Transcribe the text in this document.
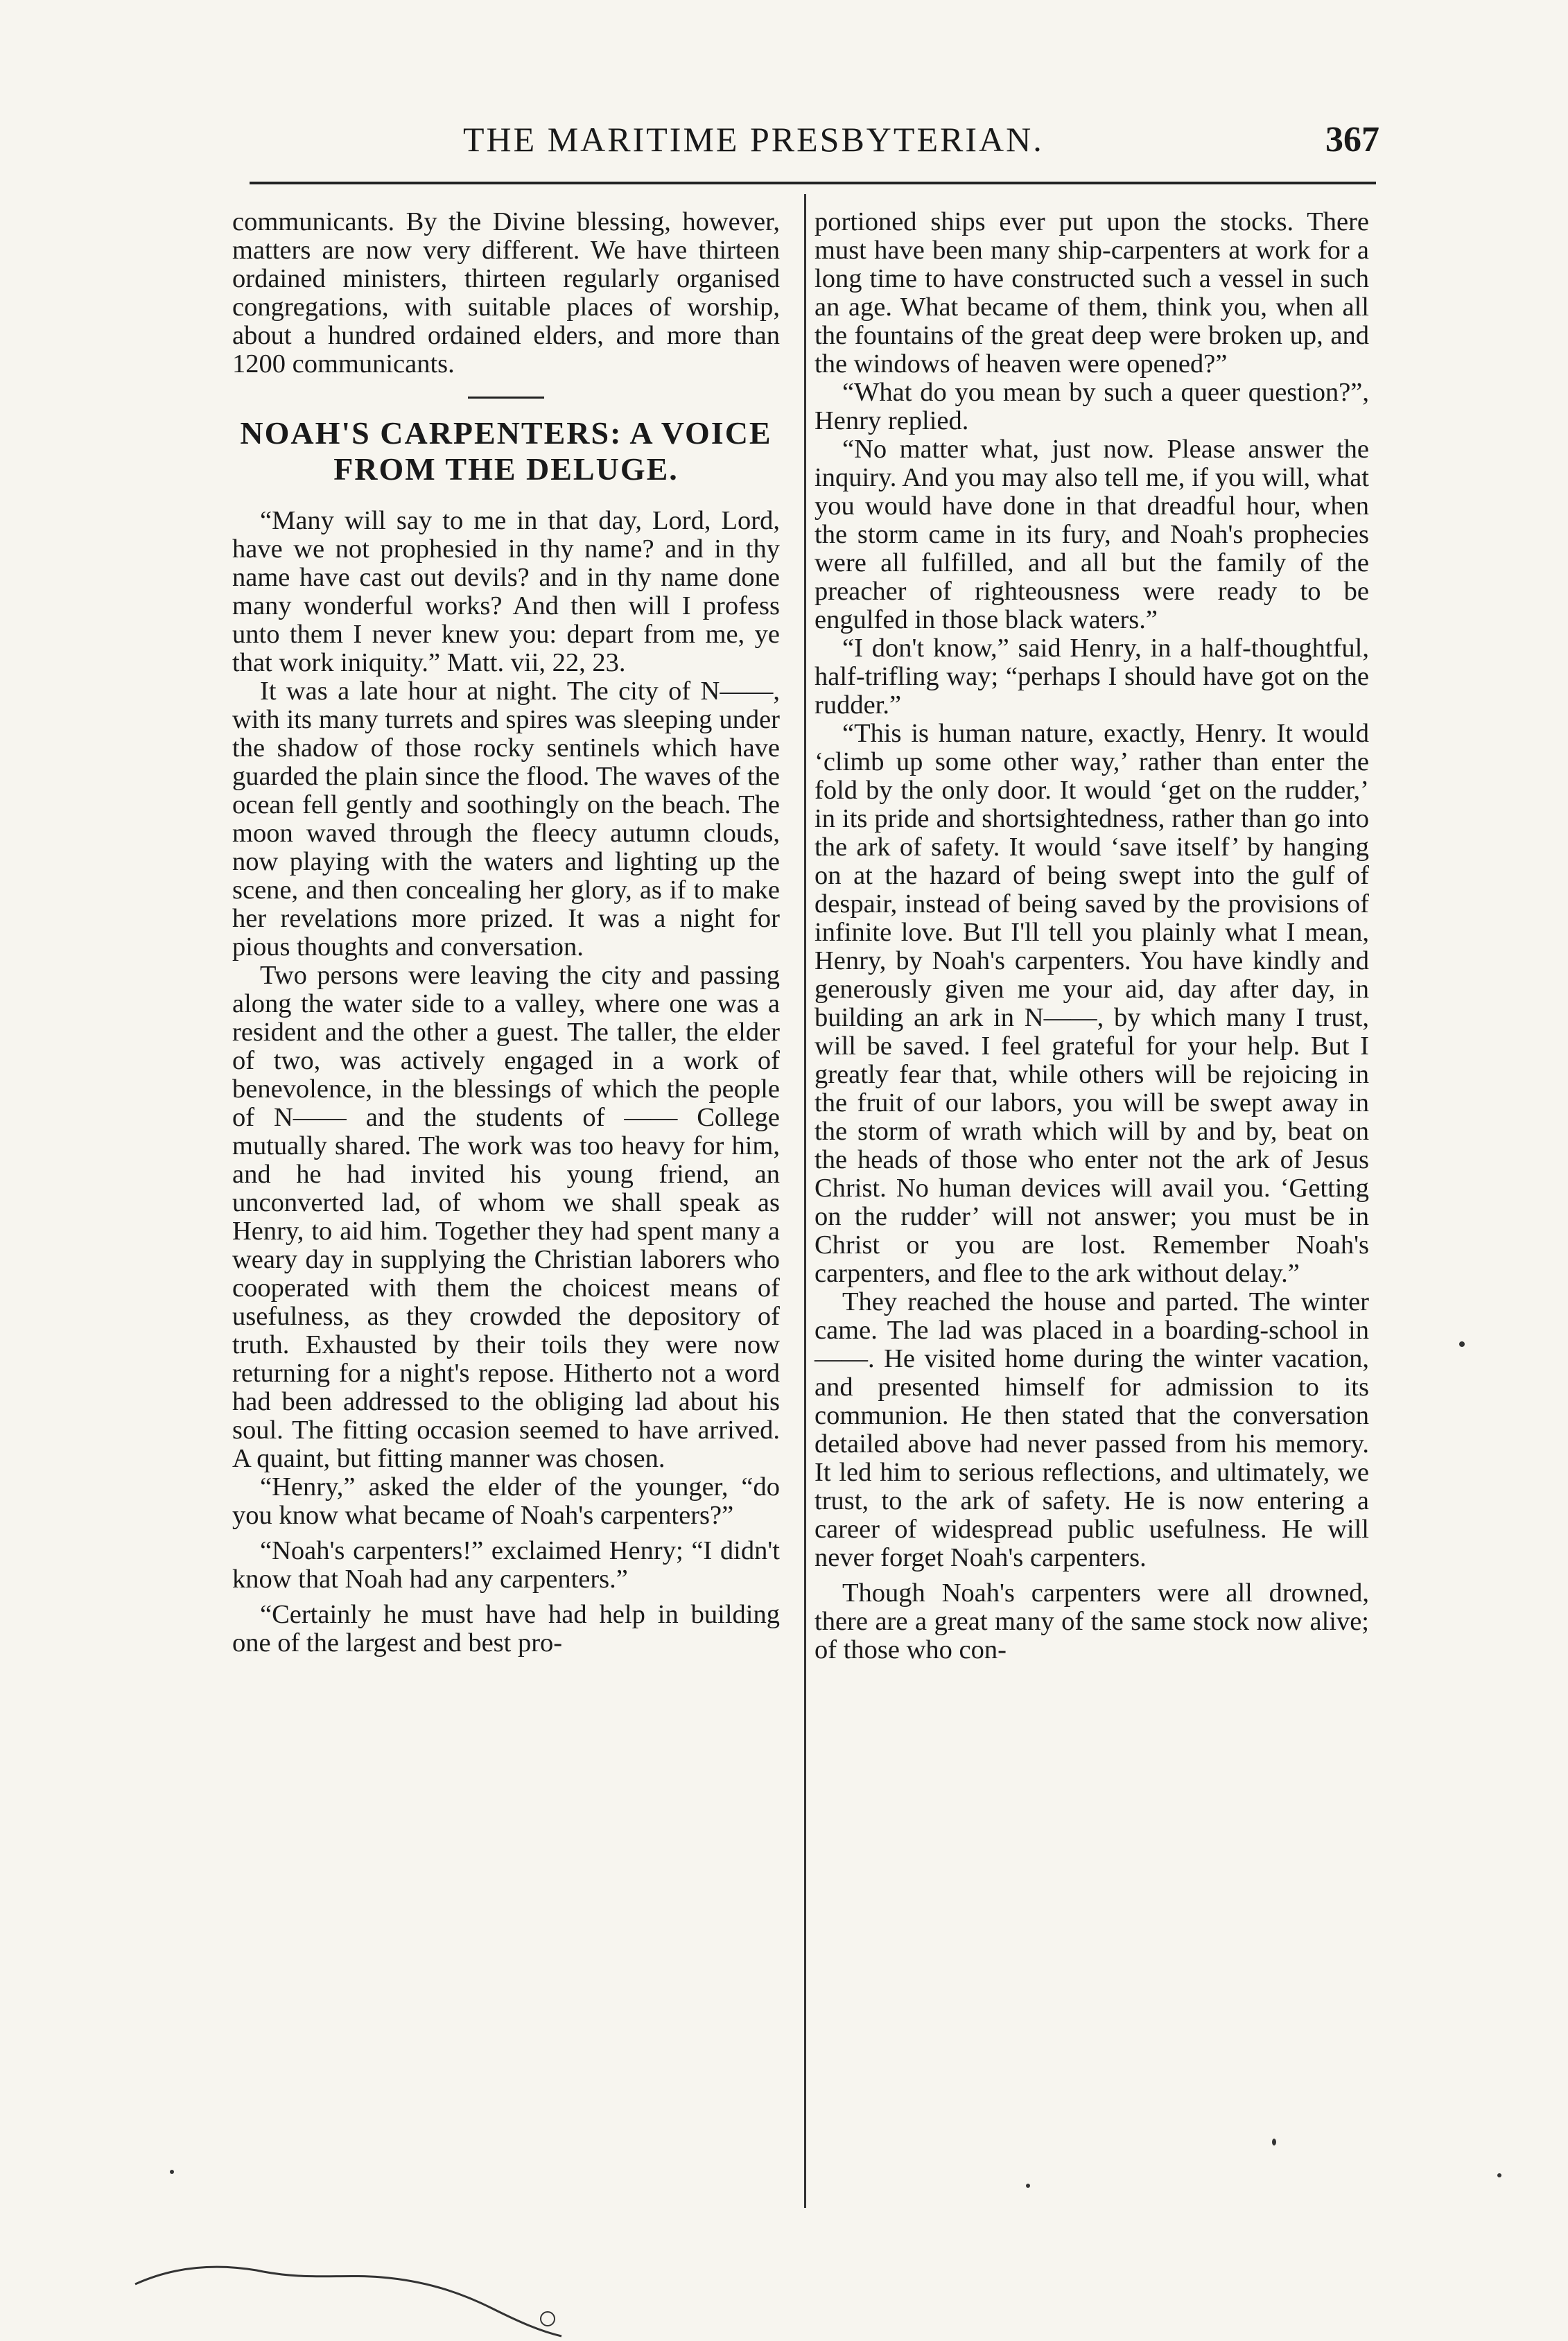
THE MARITIME PRESBYTERIAN.	367

communicants. By the Divine blessing, however, matters are now very different. We have thirteen ordained ministers, thirteen regularly organised congregations, with suitable places of worship, about a hundred ordained elders, and more than 1200 communicants.

NOAH'S CARPENTERS: A VOICE FROM THE DELUGE.

“Many will say to me in that day, Lord, Lord, have we not prophesied in thy name? and in thy name have cast out devils? and in thy name done many wonderful works? And then will I profess unto them I never knew you: depart from me, ye that work iniquity.” Matt. vii, 22, 23.

It was a late hour at night. The city of N——, with its many turrets and spires was sleeping under the shadow of those rocky sentinels which have guarded the plain since the flood. The waves of the ocean fell gently and soothingly on the beach. The moon waved through the fleecy autumn clouds, now playing with the waters and lighting up the scene, and then concealing her glory, as if to make her revelations more prized. It was a night for pious thoughts and conversation.

Two persons were leaving the city and passing along the water side to a valley, where one was a resident and the other a guest. The taller, the elder of two, was actively engaged in a work of benevolence, in the blessings of which the people of N—— and the students of —— College mutually shared. The work was too heavy for him, and he had invited his young friend, an unconverted lad, of whom we shall speak as Henry, to aid him. Together they had spent many a weary day in supplying the Christian laborers who cooperated with them the choicest means of usefulness, as they crowded the depository of truth. Exhausted by their toils they were now returning for a night's repose. Hitherto not a word had been addressed to the obliging lad about his soul. The fitting occasion seemed to have arrived. A quaint, but fitting manner was chosen.

“Henry,” asked the elder of the younger, “do you know what became of Noah's carpenters?”

“Noah's carpenters!” exclaimed Henry; “I didn't know that Noah had any carpenters.”

“Certainly he must have had help in building one of the largest and best pro-

portioned ships ever put upon the stocks. There must have been many ship-carpenters at work for a long time to have constructed such a vessel in such an age. What became of them, think you, when all the fountains of the great deep were broken up, and the windows of heaven were opened?”

“What do you mean by such a queer question?”, Henry replied.

“No matter what, just now. Please answer the inquiry. And you may also tell me, if you will, what you would have done in that dreadful hour, when the storm came in its fury, and Noah's prophecies were all fulfilled, and all but the family of the preacher of righteousness were ready to be engulfed in those black waters.”

“I don't know,” said Henry, in a half-thoughtful, half-trifling way; “perhaps I should have got on the rudder.”

“This is human nature, exactly, Henry. It would ‘climb up some other way,’ rather than enter the fold by the only door. It would ‘get on the rudder,’ in its pride and shortsightedness, rather than go into the ark of safety. It would ‘save itself’ by hanging on at the hazard of being swept into the gulf of despair, instead of being saved by the provisions of infinite love. But I'll tell you plainly what I mean, Henry, by Noah's carpenters. You have kindly and generously given me your aid, day after day, in building an ark in N——, by which many I trust, will be saved. I feel grateful for your help. But I greatly fear that, while others will be rejoicing in the fruit of our labors, you will be swept away in the storm of wrath which will by and by, beat on the heads of those who enter not the ark of Jesus Christ. No human devices will avail you. ‘Getting on the rudder’ will not answer; you must be in Christ or you are lost. Remember Noah's carpenters, and flee to the ark without delay.”

They reached the house and parted. The winter came. The lad was placed in a boarding-school in ——. He visited home during the winter vacation, and presented himself for admission to its communion. He then stated that the conversation detailed above had never passed from his memory. It led him to serious reflections, and ultimately, we trust, to the ark of safety. He is now entering a career of widespread public usefulness. He will never forget Noah's carpenters.

Though Noah's carpenters were all drowned, there are a great many of the same stock now alive; of those who con-
